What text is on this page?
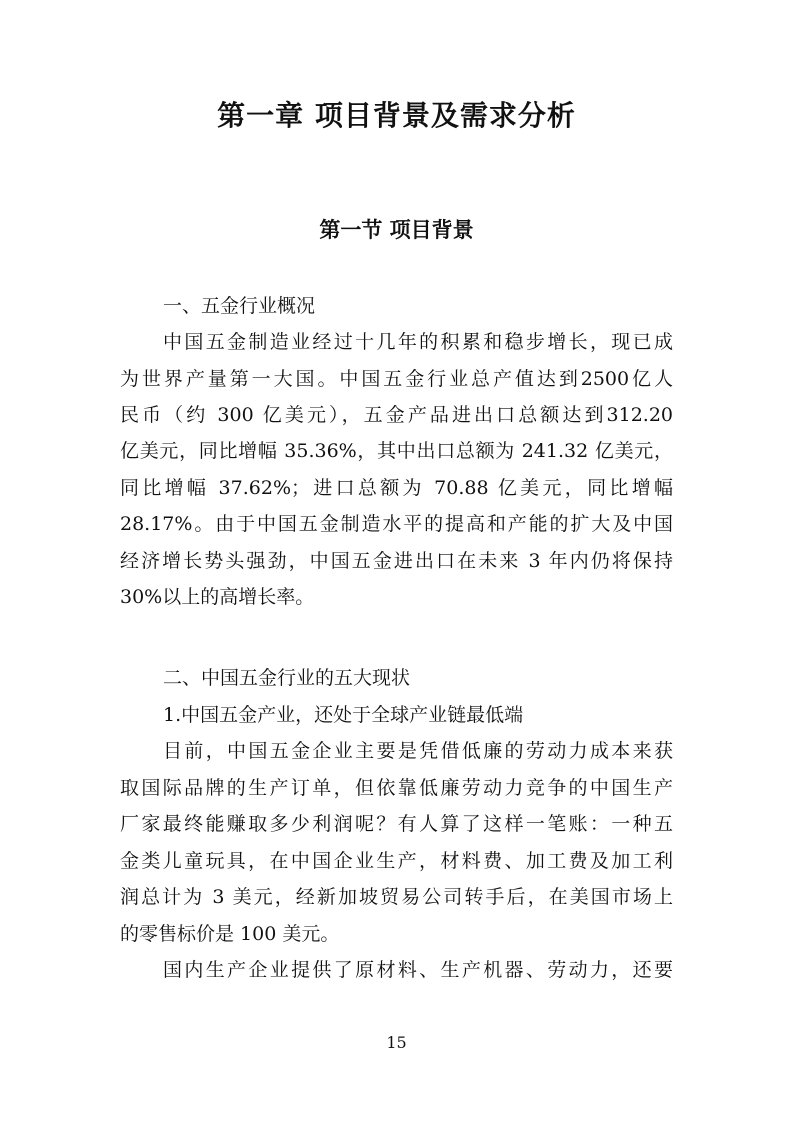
第一章 项目背景及需求分析
第一节 项目背景
一、五金行业概况
中国五金制造业经过十几年的积累和稳步增长，现已成
为世界产量第一大国。中国五金行业总产值达到2500亿人
民币（约 300 亿美元），五金产品进出口总额达到312.20
亿美元，同比增幅 35.36%，其中出口总额为 241.32 亿美元，
同比增幅 37.62%；进口总额为 70.88 亿美元，同比增幅
28.17%。由于中国五金制造水平的提高和产能的扩大及中国
经济增长势头强劲，中国五金进出口在未来 3 年内仍将保持
30%以上的高增长率。
二、中国五金行业的五大现状
1.中国五金产业，还处于全球产业链最低端
目前，中国五金企业主要是凭借低廉的劳动力成本来获
取国际品牌的生产订单，但依靠低廉劳动力竞争的中国生产
厂家最终能赚取多少利润呢？有人算了这样一笔账：一种五
金类儿童玩具，在中国企业生产，材料费、加工费及加工利
润总计为 3 美元，经新加坡贸易公司转手后，在美国市场上
的零售标价是 100 美元。
国内生产企业提供了原材料、生产机器、劳动力，还要
15
